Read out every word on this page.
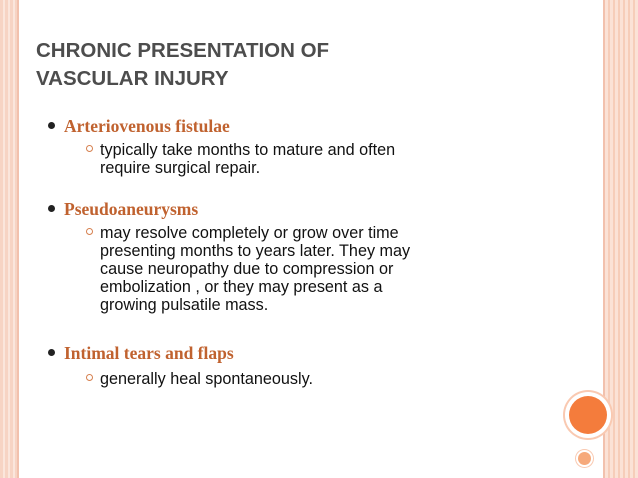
CHRONIC PRESENTATION OF
VASCULAR INJURY
Arteriovenous fistulae
typically take months to mature and often
require surgical repair.
Pseudoaneurysms
may resolve completely or grow over time
presenting months to years later. They may
cause neuropathy due to compression or
embolization , or they may present as a
growing pulsatile mass.
Intimal tears and flaps
generally heal spontaneously.
